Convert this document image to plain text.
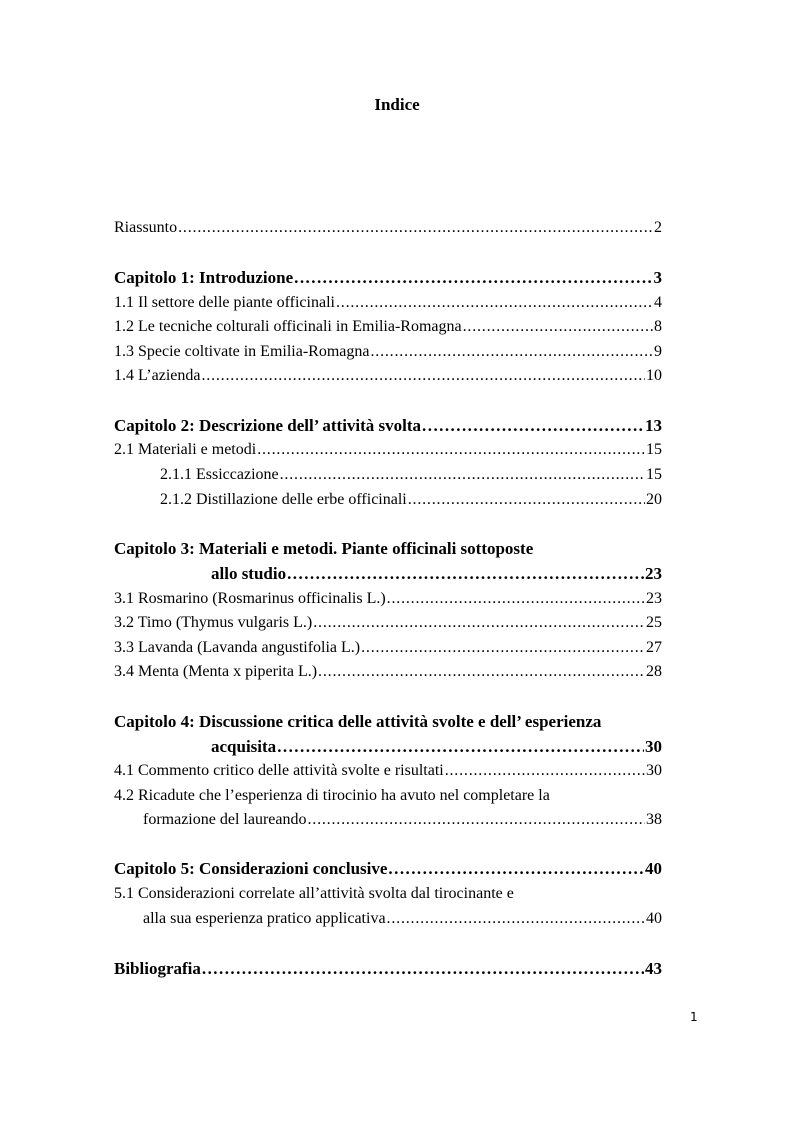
Indice
Riassunto . . .	2
Capitolo 1: Introduzione . . .	3
1.1 Il settore delle piante officinali . . .	4
1.2 Le tecniche colturali officinali in Emilia-Romagna . . .	8
1.3 Specie coltivate in Emilia-Romagna . . .	9
1.4 L’azienda . . .	10
Capitolo 2: Descrizione dell’ attività svolta . . .	13
2.1 Materiali e metodi . . .	15
2.1.1 Essiccazione . . .	15
2.1.2 Distillazione delle erbe officinali . . .	20
Capitolo 3: Materiali e metodi. Piante officinali sottoposte
allo studio . . .	23
3.1 Rosmarino (Rosmarinus officinalis L.) . . .	23
3.2 Timo (Thymus vulgaris L.) . . .	25
3.3 Lavanda (Lavanda angustifolia L.) . . .	27
3.4 Menta (Menta x piperita L.) . . .	28
Capitolo 4: Discussione critica delle attività svolte e dell’ esperienza
acquisita . . .	30
4.1 Commento critico delle attività svolte e risultati . . .	30
4.2 Ricadute che l’esperienza di tirocinio ha avuto nel completare la
formazione del laureando . . .	38
Capitolo 5: Considerazioni conclusive . . .	40
5.1 Considerazioni correlate all’attività svolta dal tirocinante e
alla sua esperienza pratico applicativa . . .	40
Bibliografia . . .	43
1
